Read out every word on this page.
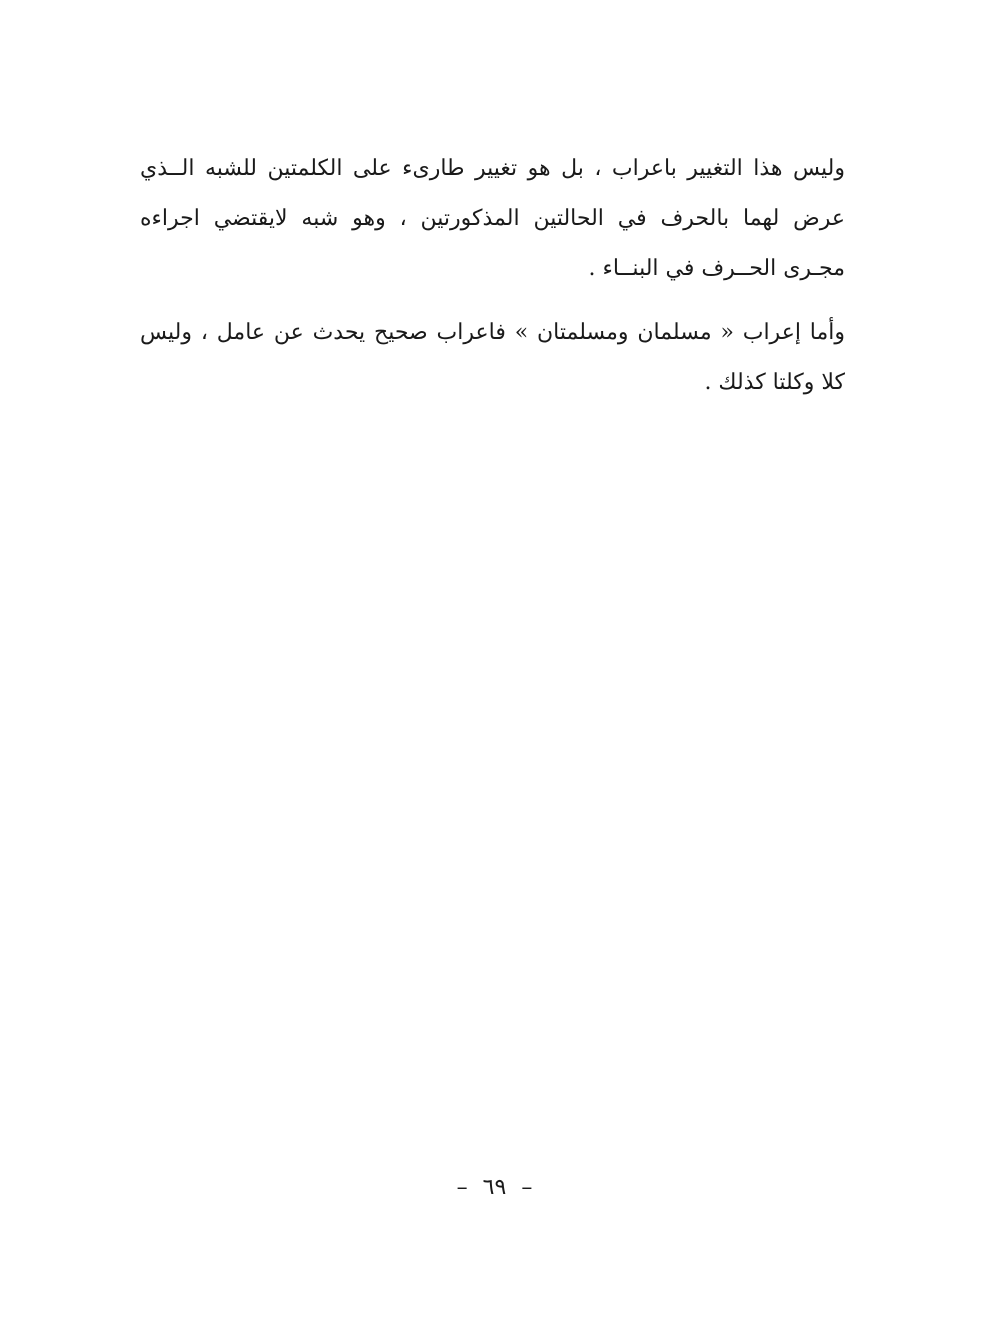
وليس هذا التغيير باعراب ، بل هو تغيير طارىء على الكلمتين للشبه الــذي عرض لهما بالحرف في الحالتين المذكورتين ، وهو شبه لايقتضي اجراءه مجـرى الحــرف في البنــاء .

وأما إعراب « مسلمان ومسلمتان » فاعراب صحيح يحدث عن عامل ، وليس كلا وكلتا كذلك .

– ٦٩ –
